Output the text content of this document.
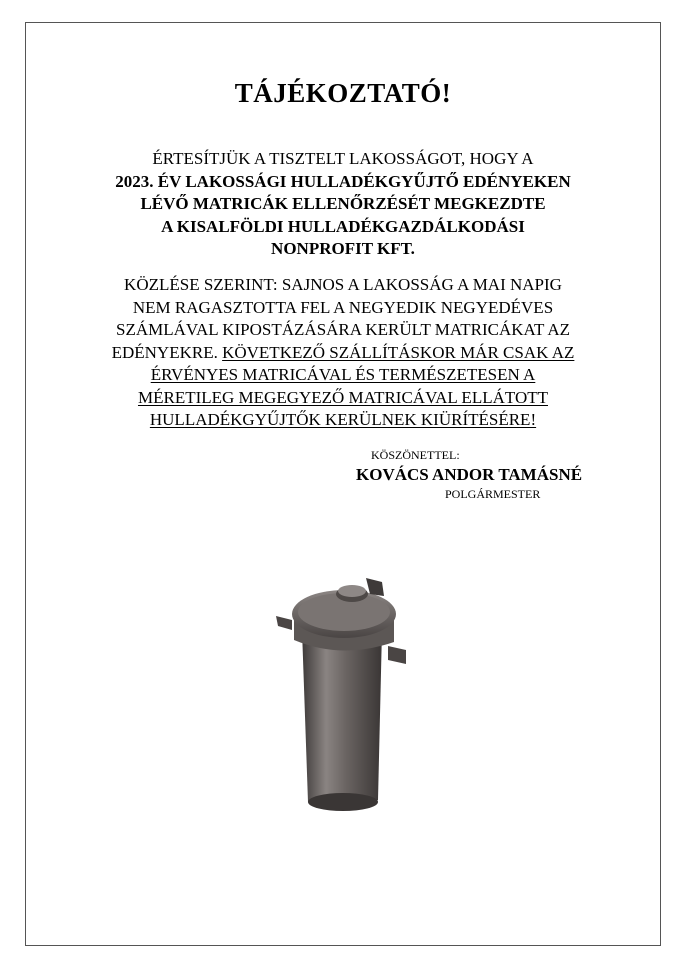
TÁJÉKOZTATÓ!
ÉRTESÍTJÜK A TISZTELT LAKOSSÁGOT, HOGY A
2023. ÉV LAKOSSÁGI HULLADÉKGYŰJTŐ EDÉNYEKEN
LÉVŐ MATRICÁK ELLENŐRZÉSÉT MEGKEZDTE
A KISALFÖLDI HULLADÉKGAZDÁLKODÁSI
NONPROFIT KFT.
KÖZLÉSE SZERINT: SAJNOS A LAKOSSÁG A MAI NAPIG
NEM RAGASZTOTTA FEL A NEGYEDIK NEGYEDÉVES
SZÁMLÁVAL KIPOSTÁZÁSÁRA KERÜLT MATRICÁKAT AZ
EDÉNYEKRE. KÖVETKEZŐ SZÁLLÍTÁSKOR MÁR CSAK AZ
ÉRVÉNYES MATRICÁVAL ÉS TERMÉSZETESEN A
MÉRETILEG MEGEGYEZŐ MATRICÁVAL ELLÁTOTT
HULLADÉKGYŰJTŐK KERÜLNEK KIÜRÍTÉSÉRE!
KÖSZÖNETTEL:
KOVÁCS ANDOR TAMÁSNÉ
POLGÁRMESTER
